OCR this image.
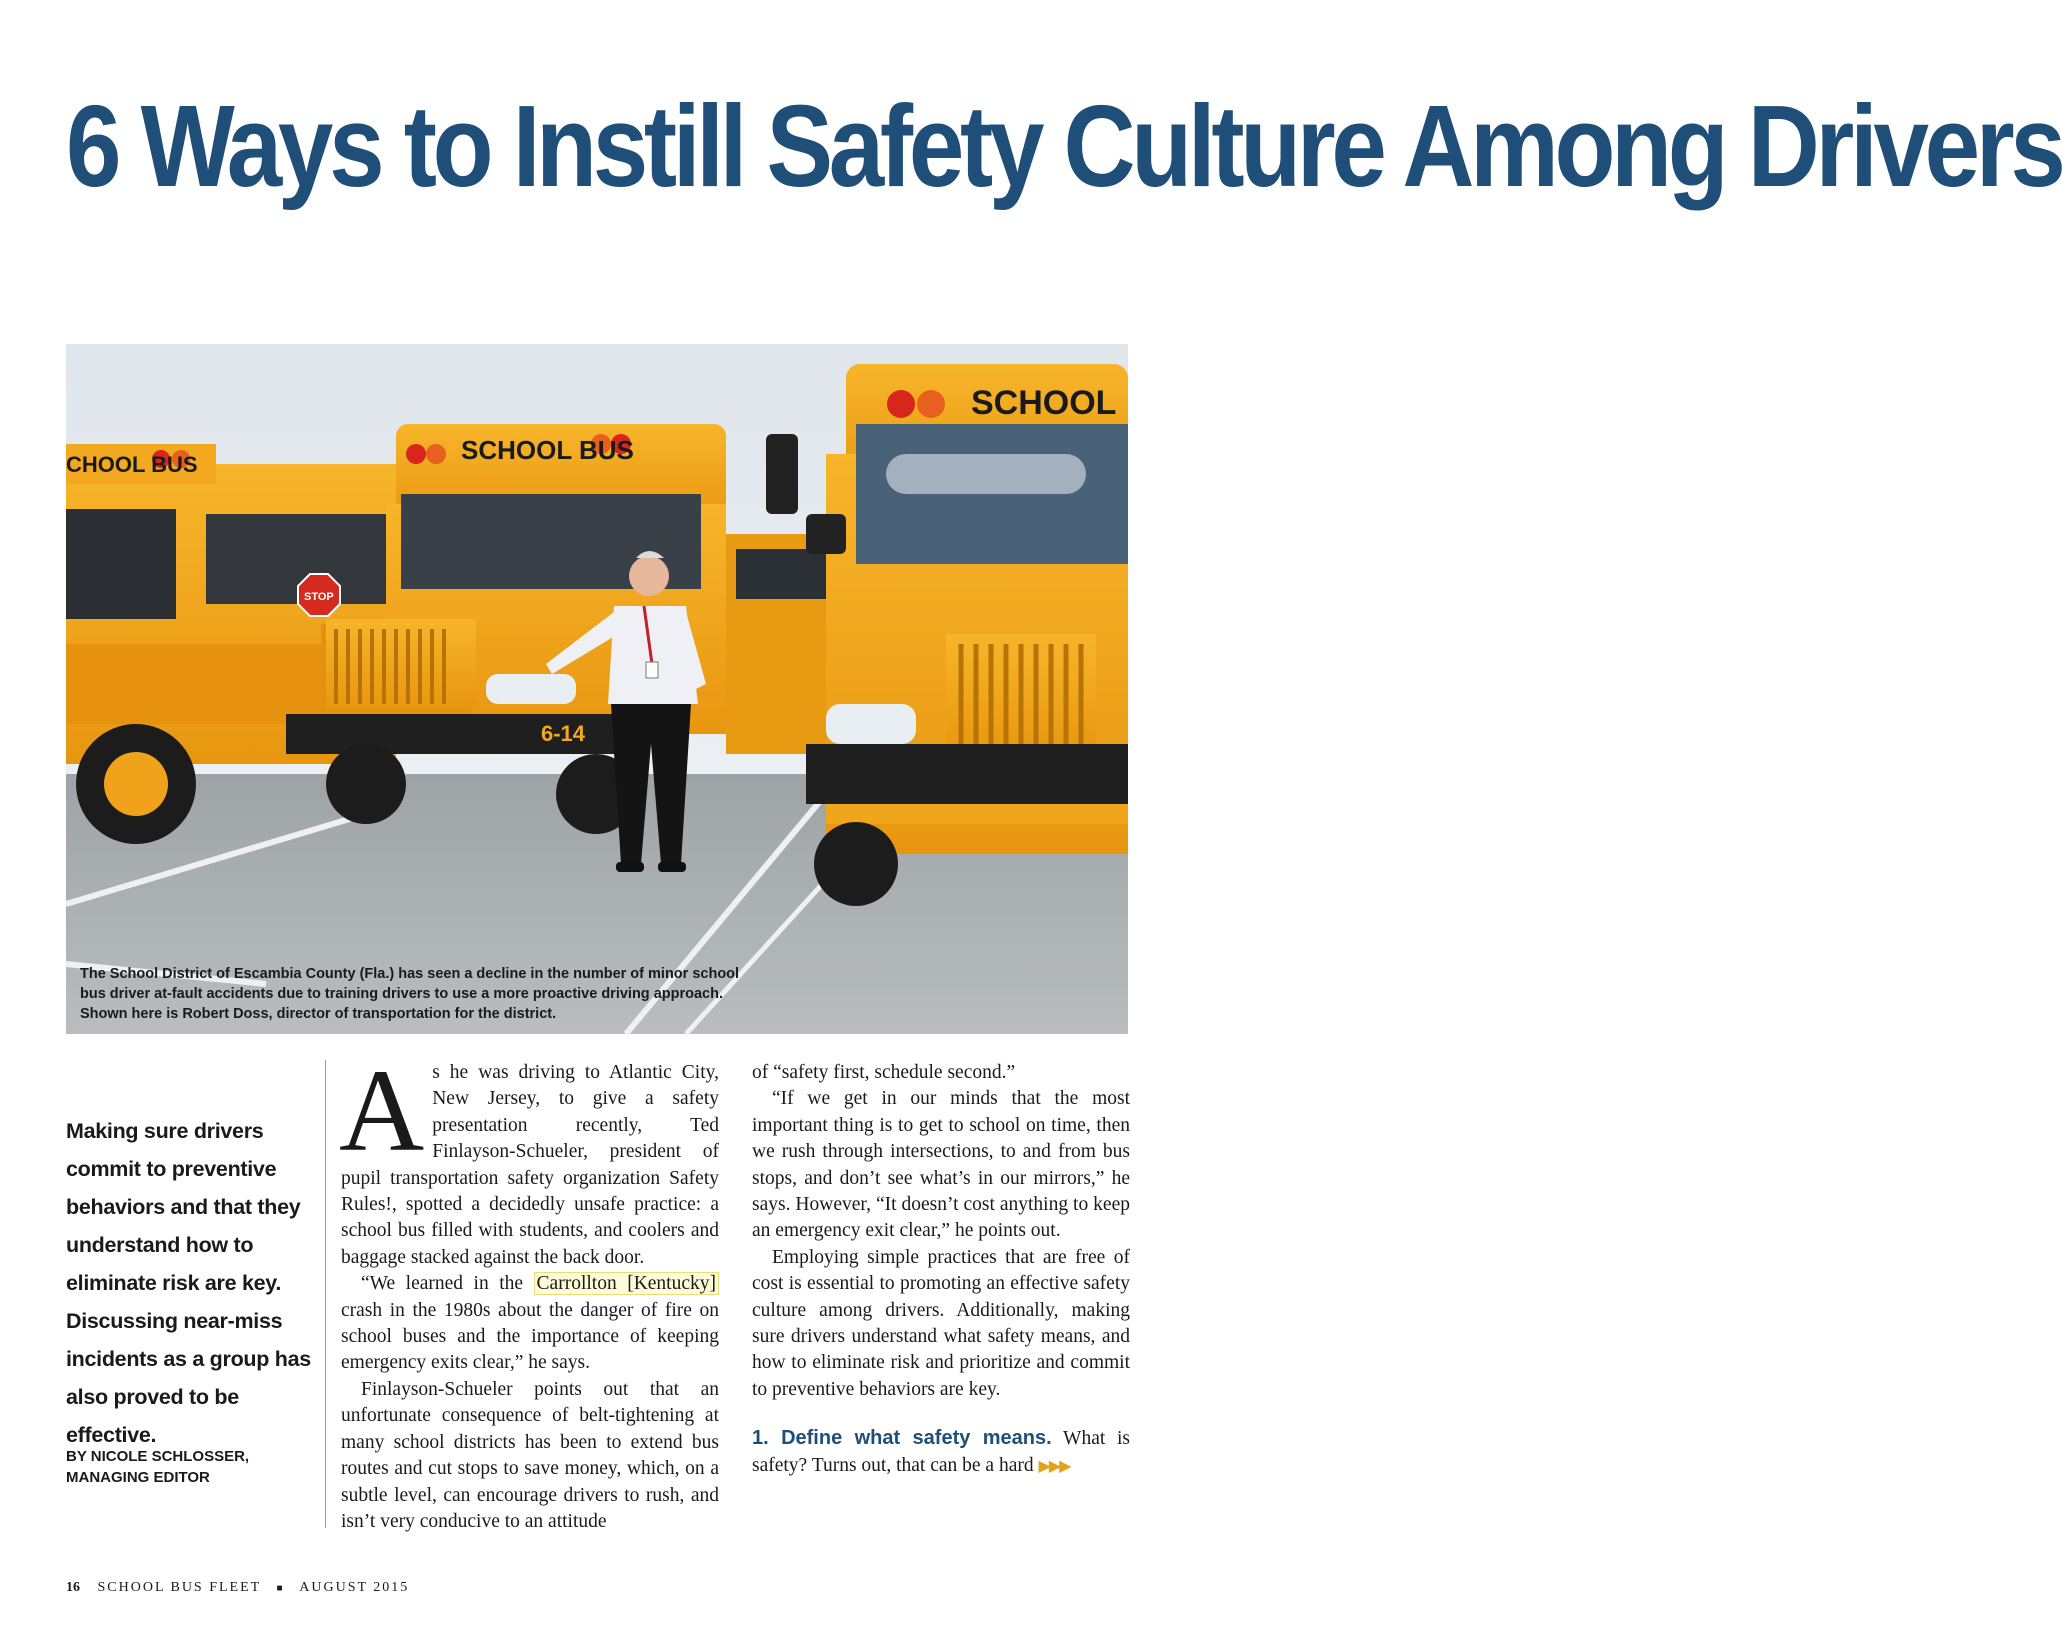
6 Ways to Instill Safety Culture Among Drivers
CHOOL BUS	SCHOOL BUS
6-14
STOP
SCHOOL

The School District of Escambia County (Fla.) has seen a decline in the number of minor school bus driver at-fault accidents due to training drivers to use a more proactive driving approach. Shown here is Robert Doss, director of transportation for the district.

Making sure drivers commit to preventive behaviors and that they understand how to eliminate risk are key. Discussing near-miss incidents as a group has also proved to be effective.

BY NICOLE SCHLOSSER,
MANAGING EDITOR

As he was driving to Atlantic City, New Jersey, to give a safety presentation recently, Ted Finlayson-Schueler, president of pupil transportation safety organization Safety Rules!, spotted a decidedly unsafe practice: a school bus filled with students, and coolers and baggage stacked against the back door.

“We learned in the Carrollton [Kentucky] crash in the 1980s about the danger of fire on school buses and the importance of keeping emergency exits clear,” he says.

Finlayson-Schueler points out that an unfortunate consequence of belt-tightening at many school districts has been to extend bus routes and cut stops to save money, which, on a subtle level, can encourage drivers to rush, and isn’t very conducive to an attitude

of “safety first, schedule second.”

“If we get in our minds that the most important thing is to get to school on time, then we rush through intersections, to and from bus stops, and don’t see what’s in our mirrors,” he says. However, “It doesn’t cost anything to keep an emergency exit clear,” he points out.

Employing simple practices that are free of cost is essential to promoting an effective safety culture among drivers. Additionally, making sure drivers understand what safety means, and how to eliminate risk and prioritize and commit to preventive behaviors are key.

1. Define what safety means. What is safety? Turns out, that can be a hard ▶▶▶

16 SCHOOL BUS FLEET ■ AUGUST 2015
